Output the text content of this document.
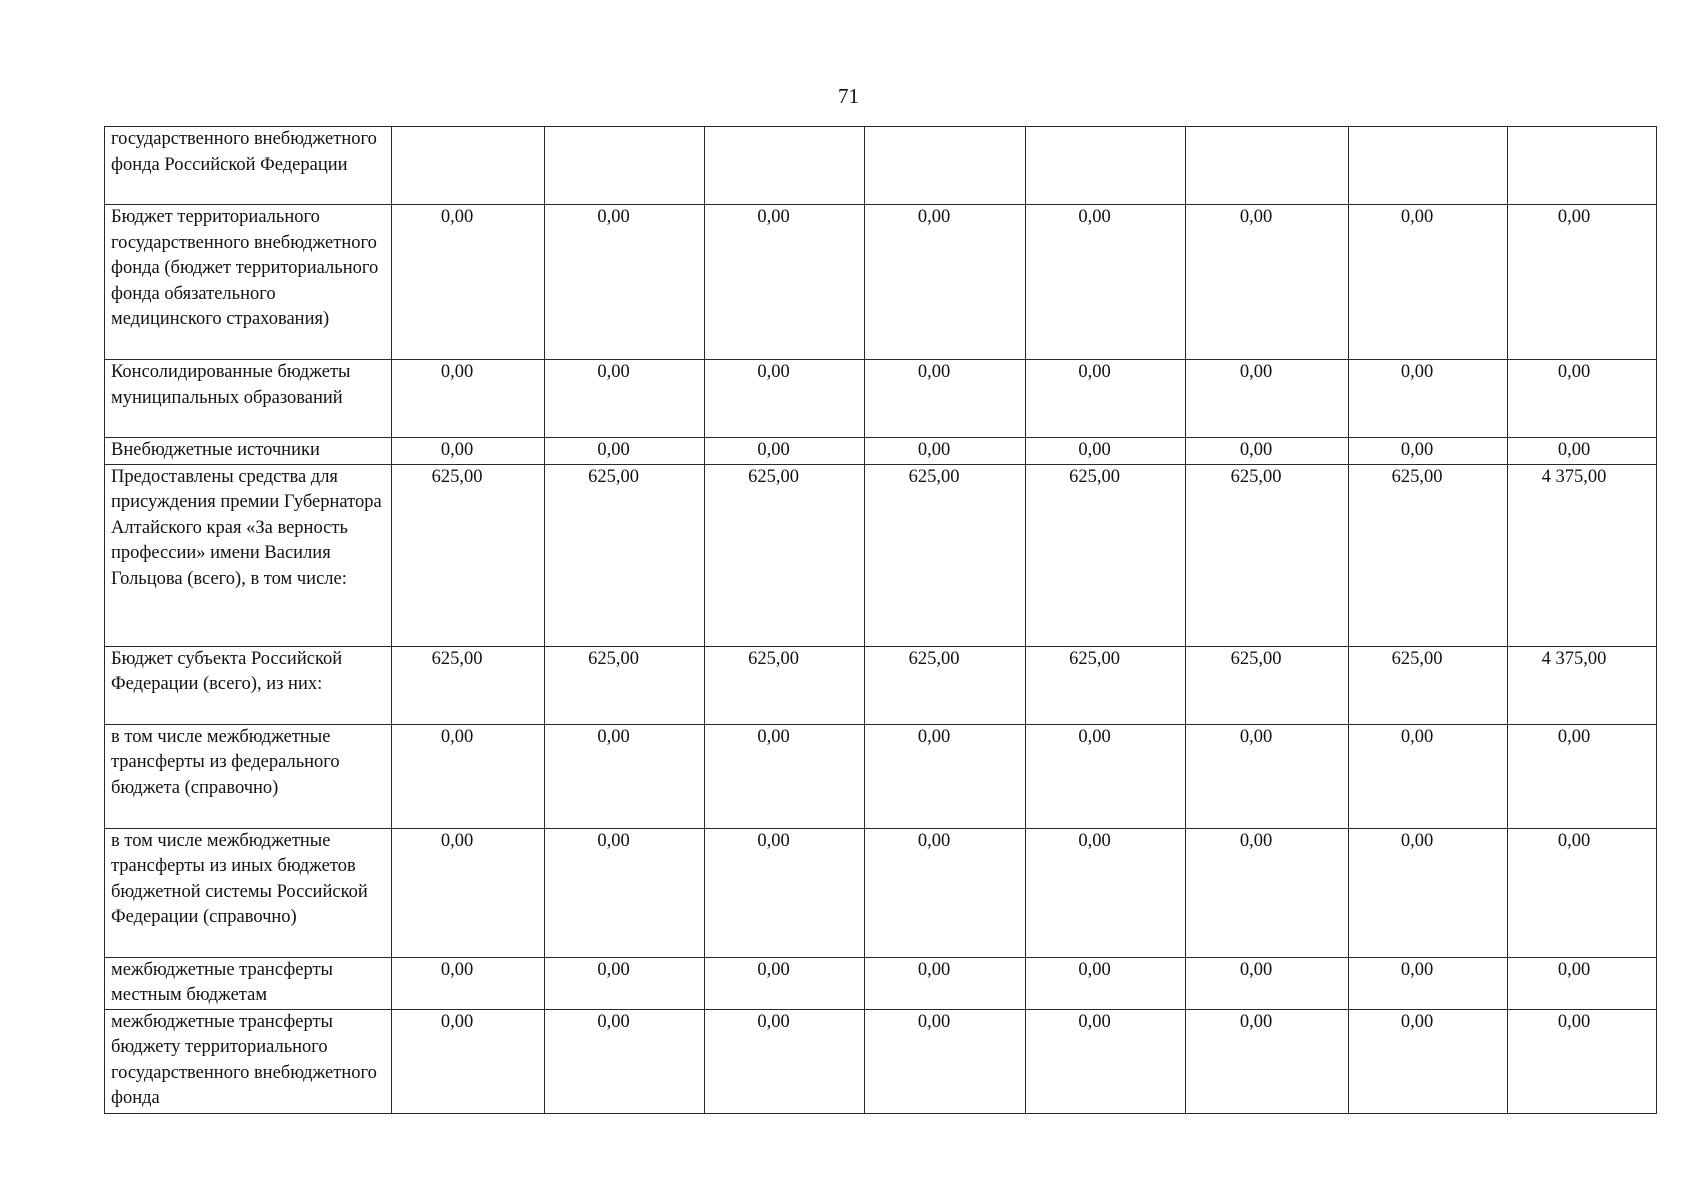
71
государственного внебюджетного фонда Российской Федерации								
Бюджет территориального государственного внебюджетного фонда (бюджет территориального фонда обязательного медицинского страхования)	0,00	0,00	0,00	0,00	0,00	0,00	0,00	0,00
Консолидированные бюджеты муниципальных образований	0,00	0,00	0,00	0,00	0,00	0,00	0,00	0,00
Внебюджетные источники	0,00	0,00	0,00	0,00	0,00	0,00	0,00	0,00
Предоставлены средства для присуждения премии Губернатора Алтайского края «За верность профессии» имени Василия Гольцова (всего), в том числе:	625,00	625,00	625,00	625,00	625,00	625,00	625,00	4 375,00
Бюджет субъекта Российской Федерации (всего), из них:	625,00	625,00	625,00	625,00	625,00	625,00	625,00	4 375,00
в том числе межбюджетные трансферты из федерального бюджета (справочно)	0,00	0,00	0,00	0,00	0,00	0,00	0,00	0,00
в том числе межбюджетные трансферты из иных бюджетов бюджетной системы Российской Федерации (справочно)	0,00	0,00	0,00	0,00	0,00	0,00	0,00	0,00
межбюджетные трансферты местным бюджетам	0,00	0,00	0,00	0,00	0,00	0,00	0,00	0,00
межбюджетные трансферты бюджету территориального государственного внебюджетного фонда	0,00	0,00	0,00	0,00	0,00	0,00	0,00	0,00
